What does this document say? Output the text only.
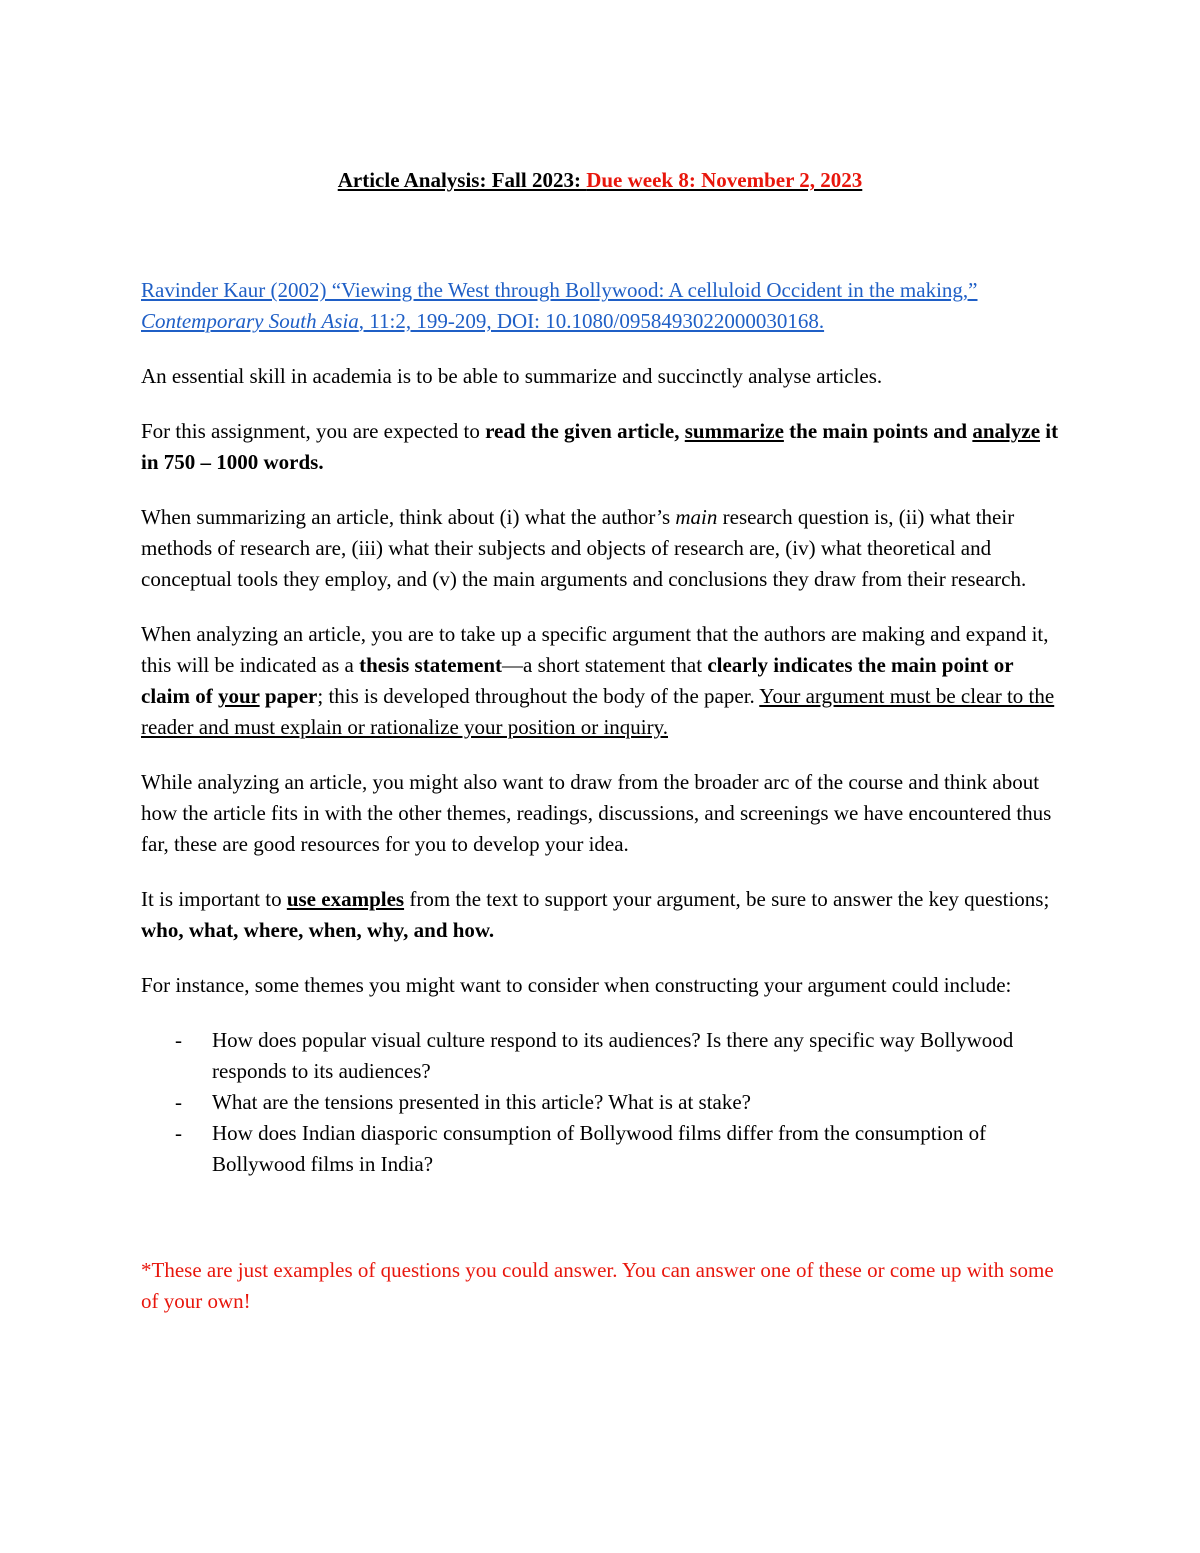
Article Analysis: Fall 2023: Due week 8: November 2, 2023

Ravinder Kaur (2002) “Viewing the West through Bollywood: A celluloid Occident in the making,” Contemporary South Asia, 11:2, 199-209, DOI: 10.1080/0958493022000030168.

An essential skill in academia is to be able to summarize and succinctly analyse articles.

For this assignment, you are expected to read the given article, summarize the main points and analyze it in 750 – 1000 words.

When summarizing an article, think about (i) what the author’s main research question is, (ii) what their methods of research are, (iii) what their subjects and objects of research are, (iv) what theoretical and conceptual tools they employ, and (v) the main arguments and conclusions they draw from their research.

When analyzing an article, you are to take up a specific argument that the authors are making and expand it, this will be indicated as a thesis statement—a short statement that clearly indicates the main point or claim of your paper; this is developed throughout the body of the paper. Your argument must be clear to the reader and must explain or rationalize your position or inquiry.

While analyzing an article, you might also want to draw from the broader arc of the course and think about how the article fits in with the other themes, readings, discussions, and screenings we have encountered thus far, these are good resources for you to develop your idea.

It is important to use examples from the text to support your argument, be sure to answer the key questions; who, what, where, when, why, and how.

For instance, some themes you might want to consider when constructing your argument could include:

- How does popular visual culture respond to its audiences? Is there any specific way Bollywood responds to its audiences?
- What are the tensions presented in this article? What is at stake?
- How does Indian diasporic consumption of Bollywood films differ from the consumption of Bollywood films in India?

*These are just examples of questions you could answer. You can answer one of these or come up with some of your own!
